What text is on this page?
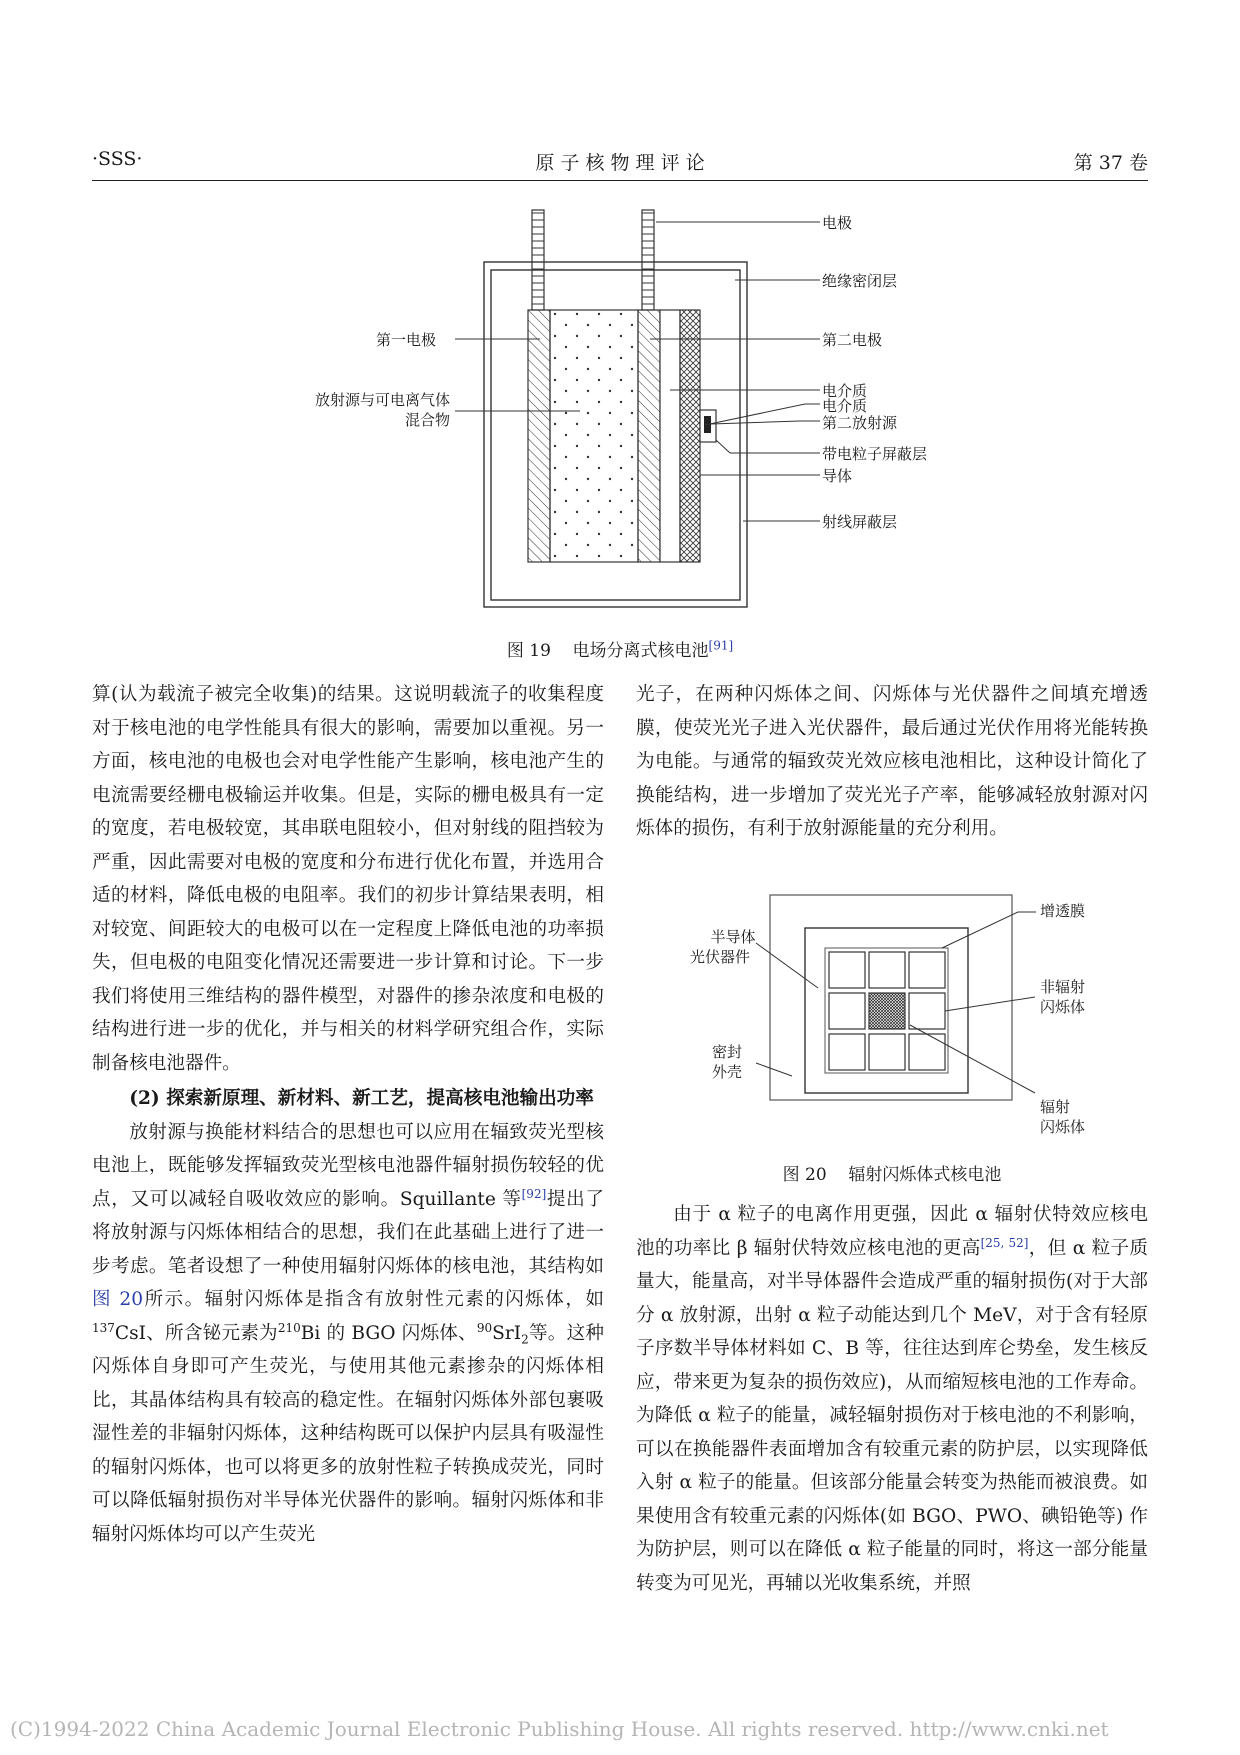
·SSS·	原 子 核 物 理 评 论	第 37 卷
电极
绝缘密闭层
第一电极	第二电极
放射源与可电离气体
混合物
电介质
电介质
第二放射源
带电粒子屏蔽层
导体
射线屏蔽层
图 19 电场分离式核电池[91]

算(认为载流子被完全收集)的结果。这说明载流子的收集程度对于核电池的电学性能具有很大的影响，需要加以重视。另一方面，核电池的电极也会对电学性能产生影响，核电池产生的电流需要经栅电极输运并收集。但是，实际的栅电极具有一定的宽度，若电极较宽，其串联电阻较小，但对射线的阻挡较为严重，因此需要对电极的宽度和分布进行优化布置，并选用合适的材料，降低电极的电阻率。我们的初步计算结果表明，相对较宽、间距较大的电极可以在一定程度上降低电池的功率损失，但电极的电阻变化情况还需要进一步计算和讨论。下一步我们将使用三维结构的器件模型，对器件的掺杂浓度和电极的结构进行进一步的优化，并与相关的材料学研究组合作，实际制备核电池器件。

(2) 探索新原理、新材料、新工艺，提高核电池输出功率

放射源与换能材料结合的思想也可以应用在辐致荧光型核电池上，既能够发挥辐致荧光型核电池器件辐射损伤较轻的优点，又可以减轻自吸收效应的影响。Squillante 等[92]提出了将放射源与闪烁体相结合的思想，我们在此基础上进行了进一步考虑。笔者设想了一种使用辐射闪烁体的核电池，其结构如图 20所示。辐射闪烁体是指含有放射性元素的闪烁体，如$^{137}$CsI、所含铋元素为$^{210}$Bi 的 BGO 闪烁体、$^{90}$SrI$_2$等。这种闪烁体自身即可产生荧光，与使用其他元素掺杂的闪烁体相比，其晶体结构具有较高的稳定性。在辐射闪烁体外部包裹吸湿性差的非辐射闪烁体，这种结构既可以保护内层具有吸湿性的辐射闪烁体，也可以将更多的放射性粒子转换成荧光，同时可以降低辐射损伤对半导体光伏器件的影响。辐射闪烁体和非辐射闪烁体均可以产生荧光

光子，在两种闪烁体之间、闪烁体与光伏器件之间填充增透膜，使荧光光子进入光伏器件，最后通过光伏作用将光能转换为电能。与通常的辐致荧光效应核电池相比，这种设计简化了换能结构，进一步增加了荧光光子产率，能够减轻放射源对闪烁体的损伤，有利于放射源能量的充分利用。

增透膜
半导体
光伏器件
非辐射
闪烁体
密封
外壳
辐射
闪烁体
图 20 辐射闪烁体式核电池

由于 α 粒子的电离作用更强，因此 α 辐射伏特效应核电池的功率比 β 辐射伏特效应核电池的更高[25, 52]，但 α 粒子质量大，能量高，对半导体器件会造成严重的辐射损伤(对于大部分 α 放射源，出射 α 粒子动能达到几个 MeV，对于含有轻原子序数半导体材料如 C、B 等，往往达到库仑势垒，发生核反应，带来更为复杂的损伤效应)，从而缩短核电池的工作寿命。为降低 α 粒子的能量，减轻辐射损伤对于核电池的不利影响，可以在换能器件表面增加含有较重元素的防护层，以实现降低入射 α 粒子的能量。但该部分能量会转变为热能而被浪费。如果使用含有较重元素的闪烁体(如 BGO、PWO、碘铅铯等) 作为防护层，则可以在降低 α 粒子能量的同时，将这一部分能量转变为可见光，再辅以光收集系统，并照

(C)1994-2022 China Academic Journal Electronic Publishing House. All rights reserved. http://www.cnki.net
